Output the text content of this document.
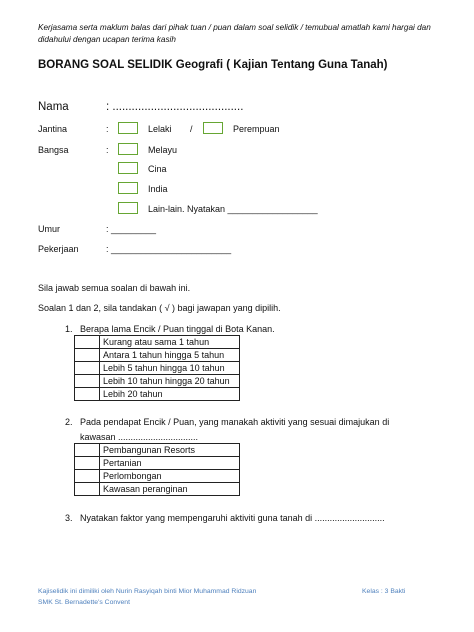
Kerjasama serta maklum balas dari pihak tuan / puan dalam soal selidik / temubual amatlah kami hargai dan didahului dengan ucapan terima kasih
BORANG SOAL SELIDIK Geografi ( Kajian Tentang Guna Tanah)
Nama	: .........................................
Jantina	:	Lelaki /	Perempuan
Bangsa	:	Melayu
Cina
India
Lain-lain. Nyatakan __________________
Umur	: _________
Pekerjaan	: ________________________
Sila jawab semua soalan di bawah ini.
Soalan 1 dan 2, sila tandakan ( √ ) bagi jawapan yang dipilih.
1. Berapa lama Encik / Puan tinggal di Bota Kanan.
	Kurang atau sama 1 tahun
	Antara 1 tahun hingga 5 tahun
	Lebih 5 tahun hingga 10 tahun
	Lebih 10 tahun hingga 20 tahun
	Lebih 20 tahun
2. Pada pendapat Encik / Puan, yang manakah aktiviti yang sesuai dimajukan di
kawasan ................................
	Pembangunan Resorts
	Pertanian
	Perlombongan
	Kawasan peranginan
3. Nyatakan faktor yang mempengaruhi aktiviti guna tanah di ............................
Kajiselidik ini dimiliki oleh Nurin Rasyiqah binti Mior Muhammad Ridzuan
SMK St. Bernadette's Convent
Kelas : 3 Bakti
